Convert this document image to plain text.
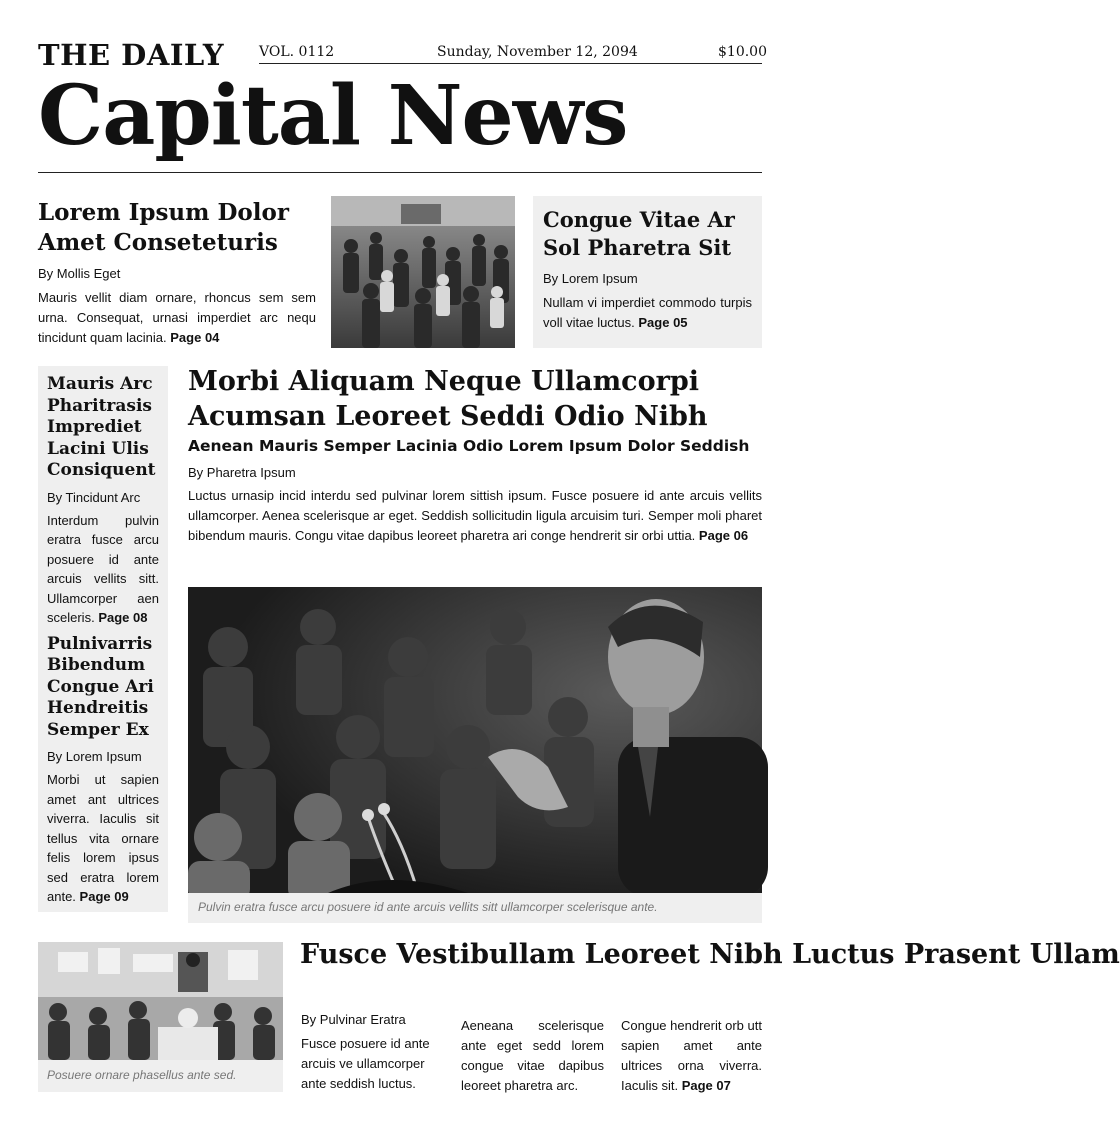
THE DAILY VOL. 0112	Sunday, November 12, 2094	$10.00
Capital News
Lorem Ipsum Dolor Amet Conseteturis
By Mollis Eget

Mauris vellit diam ornare, rhoncus sem sem urna. Consequat, urnasi imperdiet arc nequ tincidunt quam lacinia. Page 04

Congue Vitae Ar Sol Pharetra Sit
By Lorem Ipsum

Nullam vi imperdiet commodo turpis voll vitae luctus. Page 05

Mauris Arc Pharitrasis Imprediet Lacini Ulis Consiquent
By Tincidunt Arc

Interdum pulvin eratra fusce arcu posuere id ante arcuis vellits sitt. Ullamcorper aen sceleris. Page 08

Pulnivarris Bibendum Congue Ari Hendreitis Semper Ex
By Lorem Ipsum

Morbi ut sapien amet ant ultrices viverra. Iaculis sit tellus vita ornare felis lorem ipsus sed eratra lorem ante. Page 09

Morbi Aliquam Neque Ullamcorpi Acumsan Leoreet Seddi Odio Nibh
Aenean Mauris Semper Lacinia Odio Lorem Ipsum Dolor Seddish
By Pharetra Ipsum

Luctus urnasip incid interdu sed pulvinar lorem sittish ipsum. Fusce posuere id ante arcuis vellits ullamcorper. Aenea scelerisque ar eget. Seddish sollicitudin ligula arcuisim turi. Semper moli pharet bibendum mauris. Congu vitae dapibus leoreet pharetra ari conge hendrerit sir orbi uttia. Page 06

Pulvin eratra fusce arcu posuere id ante arcuis vellits sitt ullamcorper scelerisque ante.
Posuere ornare phasellus ante sed.
Fusce Vestibullam Leoreet Nibh Luctus Prasent Ullam
By Pulvinar Eratra

Fusce posuere id ante arcuis ve ullamcorper ante seddish luctus.

Aeneana scelerisque ante eget sedd lorem congue vitae dapibus leoreet pharetra arc.

Congue hendrerit orb utt sapien amet ante ultrices orna viverra. Iaculis sit. Page 07
